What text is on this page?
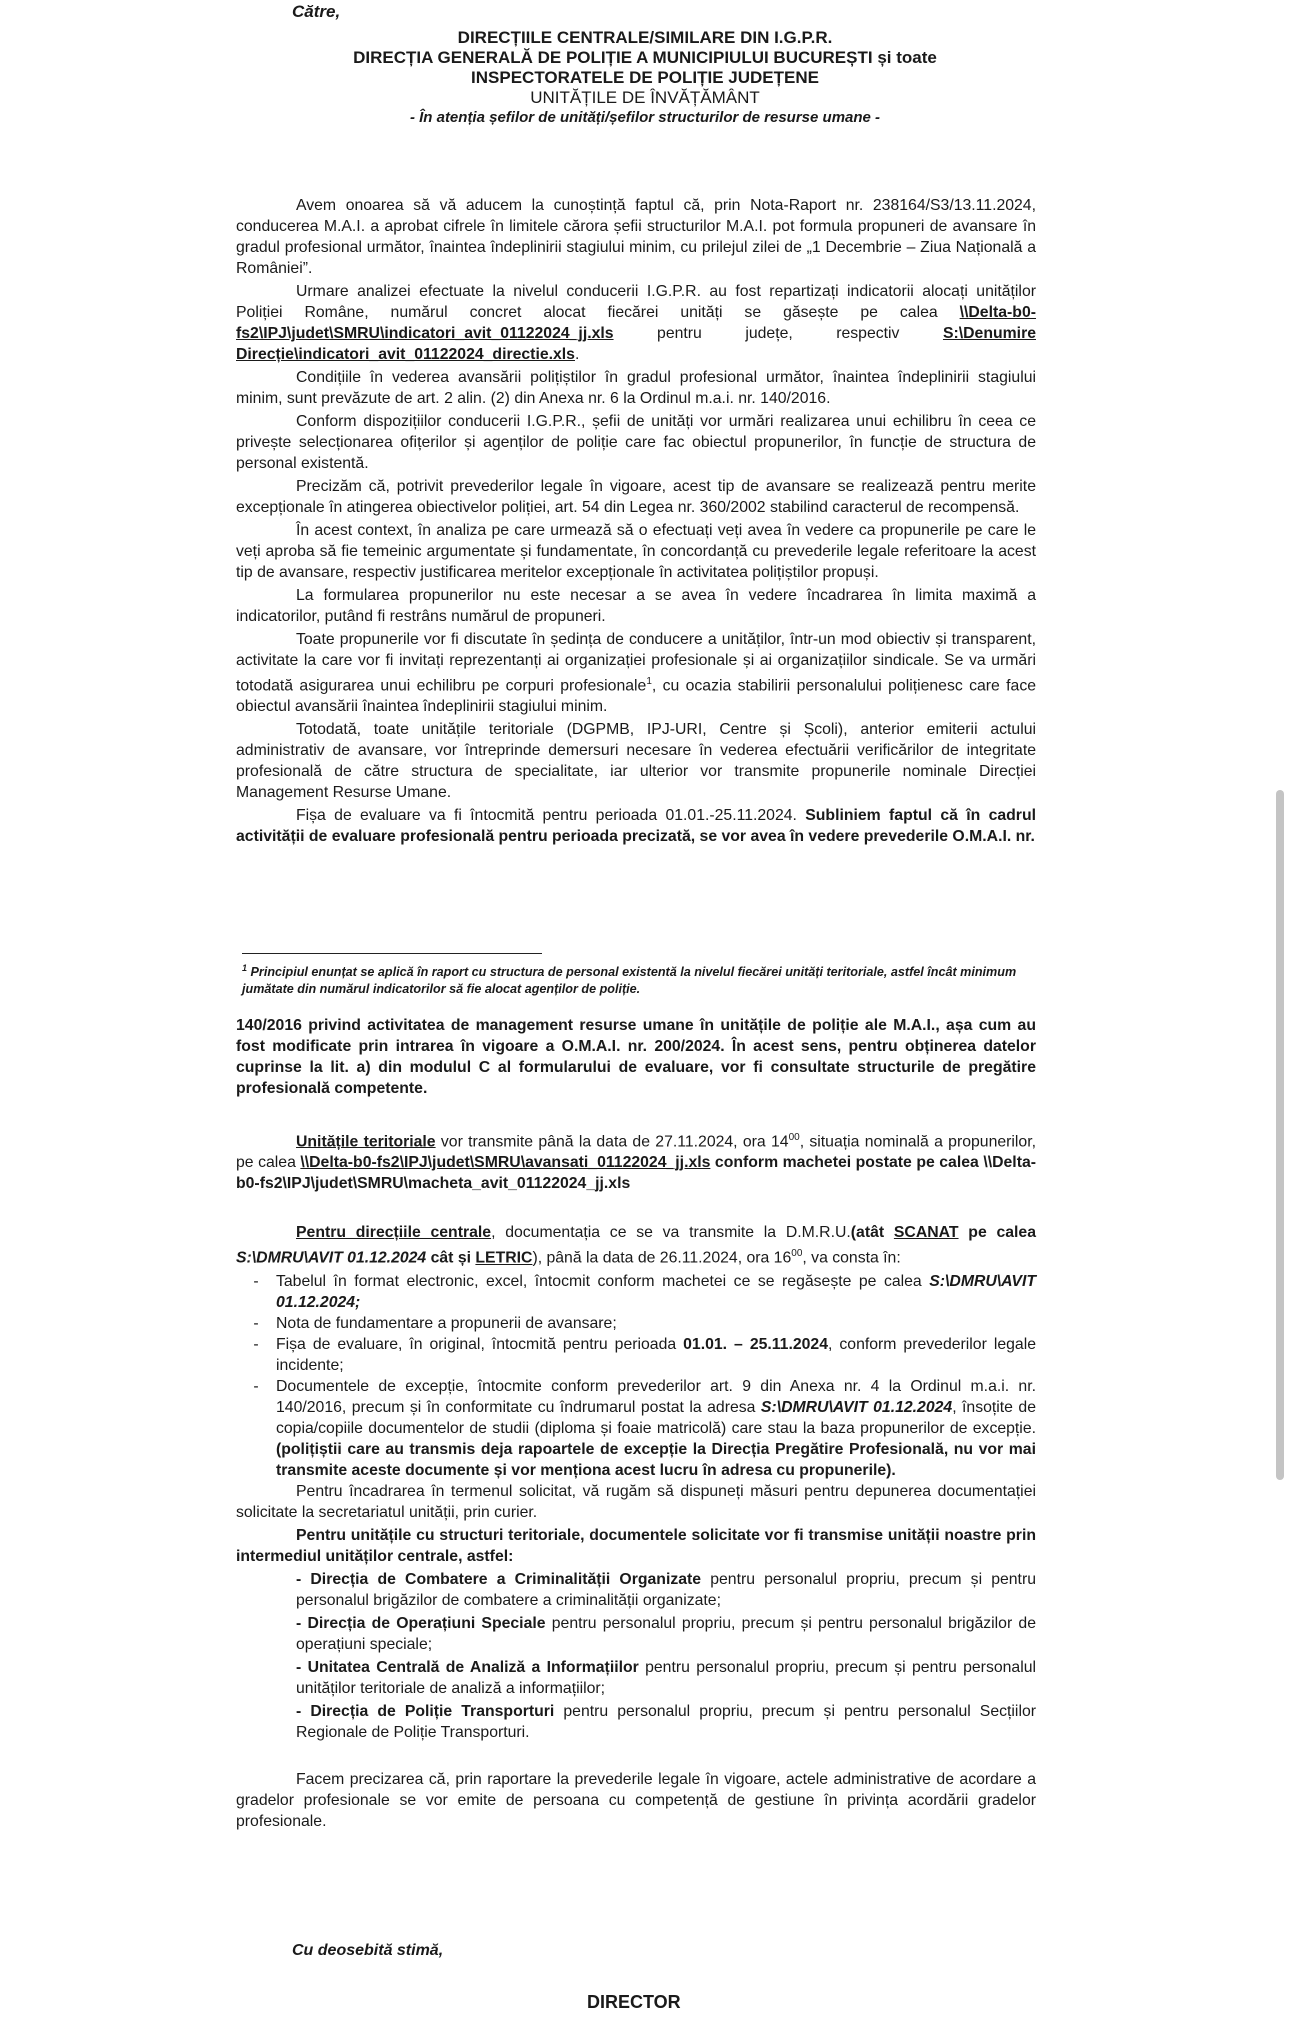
Către,
DIRECȚIILE CENTRALE/SIMILARE DIN I.G.P.R.
DIRECȚIA GENERALĂ DE POLIȚIE A MUNICIPIULUI BUCUREȘTI și toate
INSPECTORATELE DE POLIȚIE JUDEȚENE
UNITĂȚILE DE ÎNVĂȚĂMÂNT
- În atenția șefilor de unități/șefilor structurilor de resurse umane -

Avem onoarea să vă aducem la cunoștință faptul că, prin Nota-Raport nr. 238164/S3/13.11.2024, conducerea M.A.I. a aprobat cifrele în limitele cărora șefii structurilor M.A.I. pot formula propuneri de avansare în gradul profesional următor, înaintea îndeplinirii stagiului minim, cu prilejul zilei de „1 Decembrie – Ziua Națională a României”.

Urmare analizei efectuate la nivelul conducerii I.G.P.R. au fost repartizați indicatorii alocați unităților Poliției Române, numărul concret alocat fiecărei unități se găsește pe calea \\Delta-b0-fs2\IPJ\judet\SMRU\indicatori_avit_01122024_jj.xls pentru județe, respectiv S:\Denumire Direcție\indicatori_avit_01122024_directie.xls.

Condițiile în vederea avansării polițiștilor în gradul profesional următor, înaintea îndeplinirii stagiului minim, sunt prevăzute de art. 2 alin. (2) din Anexa nr. 6 la Ordinul m.a.i. nr. 140/2016.

Conform dispozițiilor conducerii I.G.P.R., șefii de unități vor urmări realizarea unui echilibru în ceea ce privește selecționarea ofițerilor și agenților de poliție care fac obiectul propunerilor, în funcție de structura de personal existentă.

Precizăm că, potrivit prevederilor legale în vigoare, acest tip de avansare se realizează pentru merite excepționale în atingerea obiectivelor poliției, art. 54 din Legea nr. 360/2002 stabilind caracterul de recompensă.

În acest context, în analiza pe care urmează să o efectuați veți avea în vedere ca propunerile pe care le veți aproba să fie temeinic argumentate și fundamentate, în concordanță cu prevederile legale referitoare la acest tip de avansare, respectiv justificarea meritelor excepționale în activitatea polițiștilor propuși.

La formularea propunerilor nu este necesar a se avea în vedere încadrarea în limita maximă a indicatorilor, putând fi restrâns numărul de propuneri.

Toate propunerile vor fi discutate în ședința de conducere a unităților, într-un mod obiectiv și transparent, activitate la care vor fi invitați reprezentanți ai organizației profesionale și ai organizațiilor sindicale. Se va urmări totodată asigurarea unui echilibru pe corpuri profesionale$^1$, cu ocazia stabilirii personalului polițienesc care face obiectul avansării înaintea îndeplinirii stagiului minim.

Totodată, toate unitățile teritoriale (DGPMB, IPJ-URI, Centre și Școli), anterior emiterii actului administrativ de avansare, vor întreprinde demersuri necesare în vederea efectuării verificărilor de integritate profesională de către structura de specialitate, iar ulterior vor transmite propunerile nominale Direcției Management Resurse Umane.

Fișa de evaluare va fi întocmită pentru perioada 01.01.-25.11.2024. Subliniem faptul că în cadrul activității de evaluare profesională pentru perioada precizată, se vor avea în vedere prevederile O.M.A.I. nr.

$^1$ Principiul enunțat se aplică în raport cu structura de personal existentă la nivelul fiecărei unități teritoriale, astfel încât minimum jumătate din numărul indicatorilor să fie alocat agenților de poliție.

140/2016 privind activitatea de management resurse umane în unitățile de poliție ale M.A.I., așa cum au fost modificate prin intrarea în vigoare a O.M.A.I. nr. 200/2024. În acest sens, pentru obținerea datelor cuprinse la lit. a) din modulul C al formularului de evaluare, vor fi consultate structurile de pregătire profesională competente.

Unitățile teritoriale vor transmite până la data de 27.11.2024, ora $14^{00}$, situația nominală a propunerilor, pe calea \\Delta-b0-fs2\IPJ\judet\SMRU\avansati_01122024_jj.xls conform machetei postate pe calea \\Delta-b0-fs2\IPJ\judet\SMRU\macheta_avit_01122024_jj.xls

Pentru direcțiile centrale, documentația ce se va transmite la D.M.R.U.(atât SCANAT pe calea S:\DMRU\AVIT 01.12.2024 cât și LETRIC), până la data de 26.11.2024, ora $16^{00}$, va consta în:

-	Tabelul în format electronic, excel, întocmit conform machetei ce se regăsește pe calea S:\DMRU\AVIT 01.12.2024;
-	Nota de fundamentare a propunerii de avansare;
-	Fișa de evaluare, în original, întocmită pentru perioada 01.01. – 25.11.2024, conform prevederilor legale incidente;
-	Documentele de excepție, întocmite conform prevederilor art. 9 din Anexa nr. 4 la Ordinul m.a.i. nr. 140/2016, precum și în conformitate cu îndrumarul postat la adresa S:\DMRU\AVIT 01.12.2024, însoțite de copia/copiile documentelor de studii (diploma și foaie matricolă) care stau la baza propunerilor de excepție. (polițiștii care au transmis deja rapoartele de excepție la Direcția Pregătire Profesională, nu vor mai transmite aceste documente și vor menționa acest lucru în adresa cu propunerile).

Pentru încadrarea în termenul solicitat, vă rugăm să dispuneți măsuri pentru depunerea documentației solicitate la secretariatul unității, prin curier.

Pentru unitățile cu structuri teritoriale, documentele solicitate vor fi transmise unității noastre prin intermediul unităților centrale, astfel:

- Direcția de Combatere a Criminalității Organizate pentru personalul propriu, precum și pentru personalul brigăzilor de combatere a criminalității organizate;

- Direcția de Operațiuni Speciale pentru personalul propriu, precum și pentru personalul brigăzilor de operațiuni speciale;

- Unitatea Centrală de Analiză a Informațiilor pentru personalul propriu, precum și pentru personalul unităților teritoriale de analiză a informațiilor;

- Direcția de Poliție Transporturi pentru personalul propriu, precum și pentru personalul Secțiilor Regionale de Poliție Transporturi.

Facem precizarea că, prin raportare la prevederile legale în vigoare, actele administrative de acordare a gradelor profesionale se vor emite de persoana cu competență de gestiune în privința acordării gradelor profesionale.

Cu deosebită stimă,
DIRECTOR
